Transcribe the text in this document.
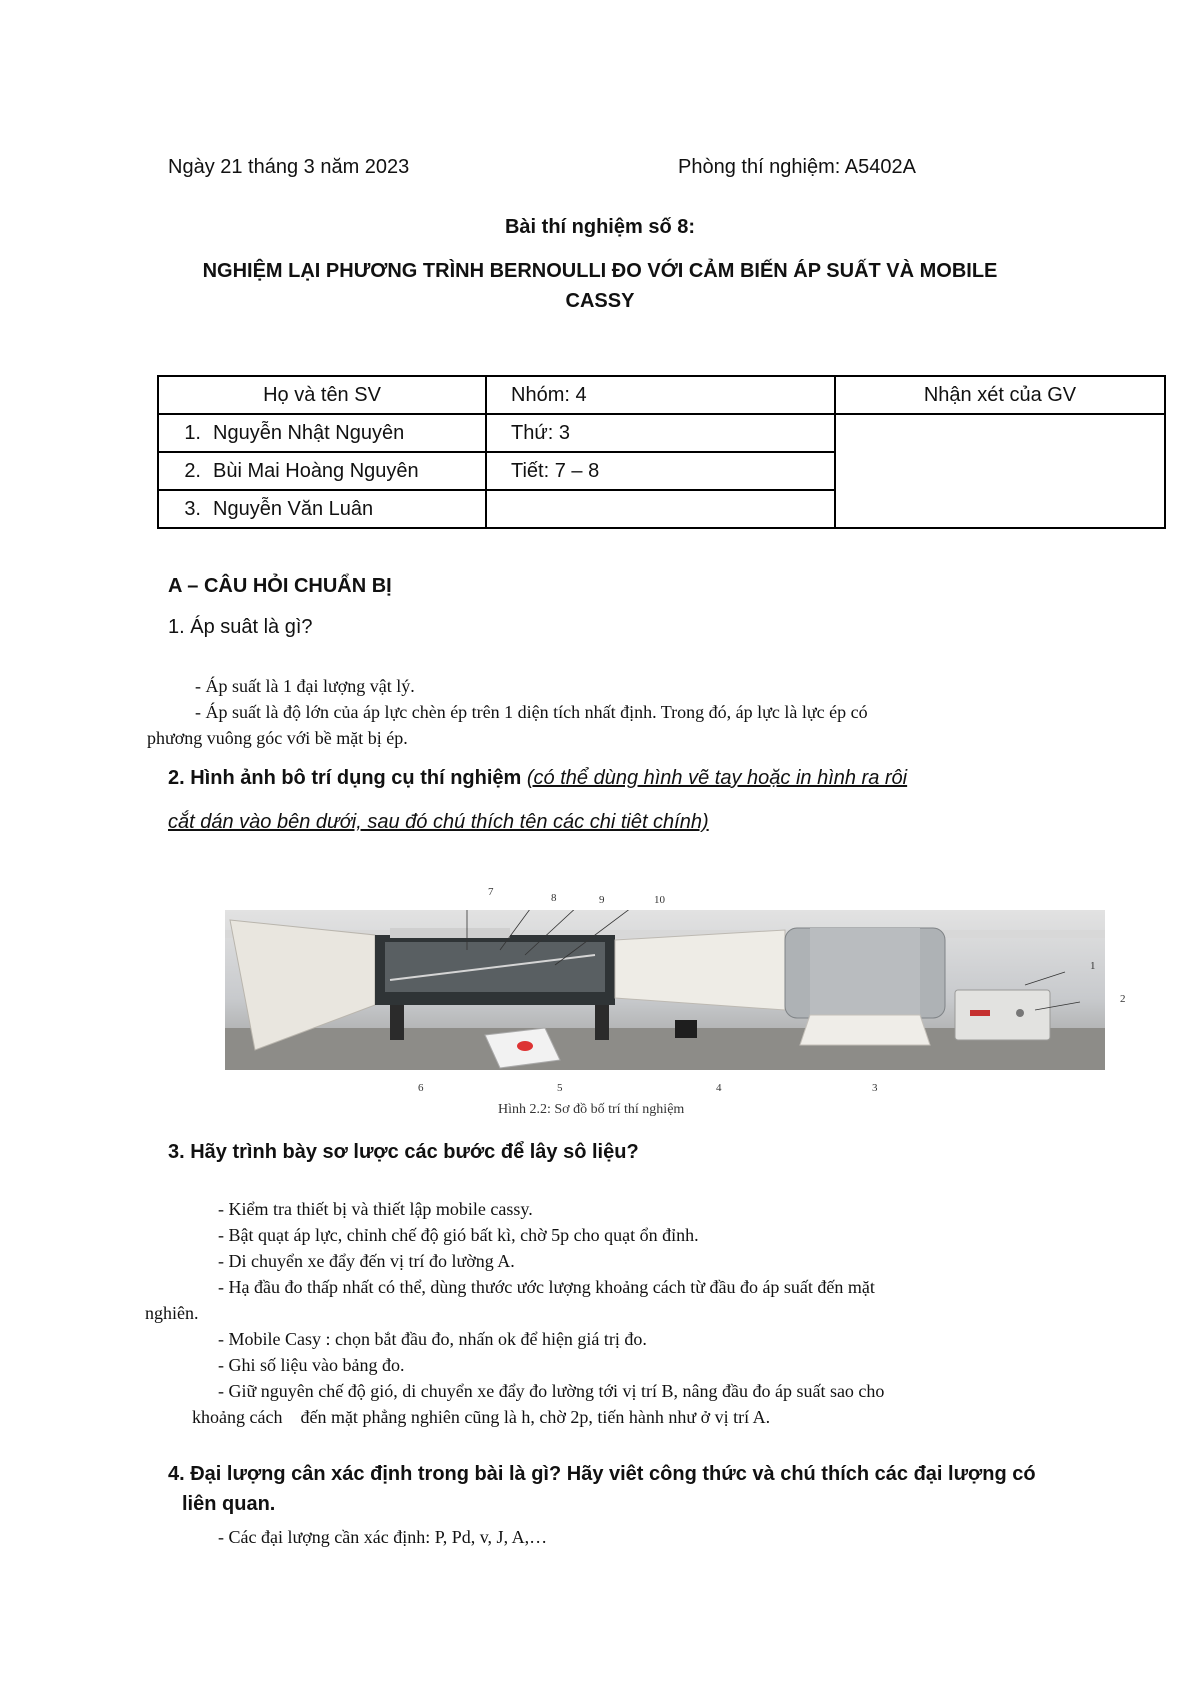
Ngày 21 tháng 3 năm 2023	Phòng thí nghiệm: A5402A
Bài thí nghiệm số 8:
NGHIỆM LẠI PHƯƠNG TRÌNH BERNOULLI ĐO VỚI CẢM BIẾN ÁP SUẤT VÀ MOBILE
CASSY
Họ và tên SV	Nhóm: 4	Nhận xét của GV
1. Nguyễn Nhật Nguyên	Thứ: 3	
2. Bùi Mai Hoàng Nguyên	Tiết: 7 – 8	
3. Nguyễn Văn Luân		
A – CÂU HỎI CHUẨN BỊ
1. Áp suât là gì?
- Áp suất là 1 đại lượng vật lý.
- Áp suất là độ lớn của áp lực chèn ép trên 1 diện tích nhất định. Trong đó, áp lực là lực ép có
phương vuông góc với bề mặt bị ép.
2. Hình ảnh bô trí dụng cụ thí nghiệm (có thể dùng hình vẽ tay hoặc in hình ra rôi
cắt dán vào bên dưới, sau đó chú thích tên các chi tiêt chính)
1
2
3
4
5
6
7	8	9	10
Hình 2.2: Sơ đồ bố trí thí nghiệm
3. Hãy trình bày sơ lược các bước để lây sô liệu?
- Kiểm tra thiết bị và thiết lập mobile cassy.
- Bật quạt áp lực, chỉnh chế độ gió bất kì, chờ 5p cho quạt ổn đỉnh.
- Di chuyển xe đẩy đến vị trí đo lường A.
- Hạ đầu đo thấp nhất có thể, dùng thước ước lượng khoảng cách từ đầu đo áp suất đến mặt
nghiên.
- Mobile Casy : chọn bắt đầu đo, nhấn ok để hiện giá trị đo.
- Ghi số liệu vào bảng đo.
- Giữ nguyên chế độ gió, di chuyển xe đẩy đo lường tới vị trí B, nâng đầu đo áp suất sao cho
khoảng cách    đến mặt phẳng nghiên cũng là h, chờ 2p, tiến hành như ở vị trí A.
4. Đại lượng cân xác định trong bài là gì? Hãy viêt công thức và chú thích các đại lượng có
liên quan.
- Các đại lượng cần xác định: P, Pd, v, J, A,…
